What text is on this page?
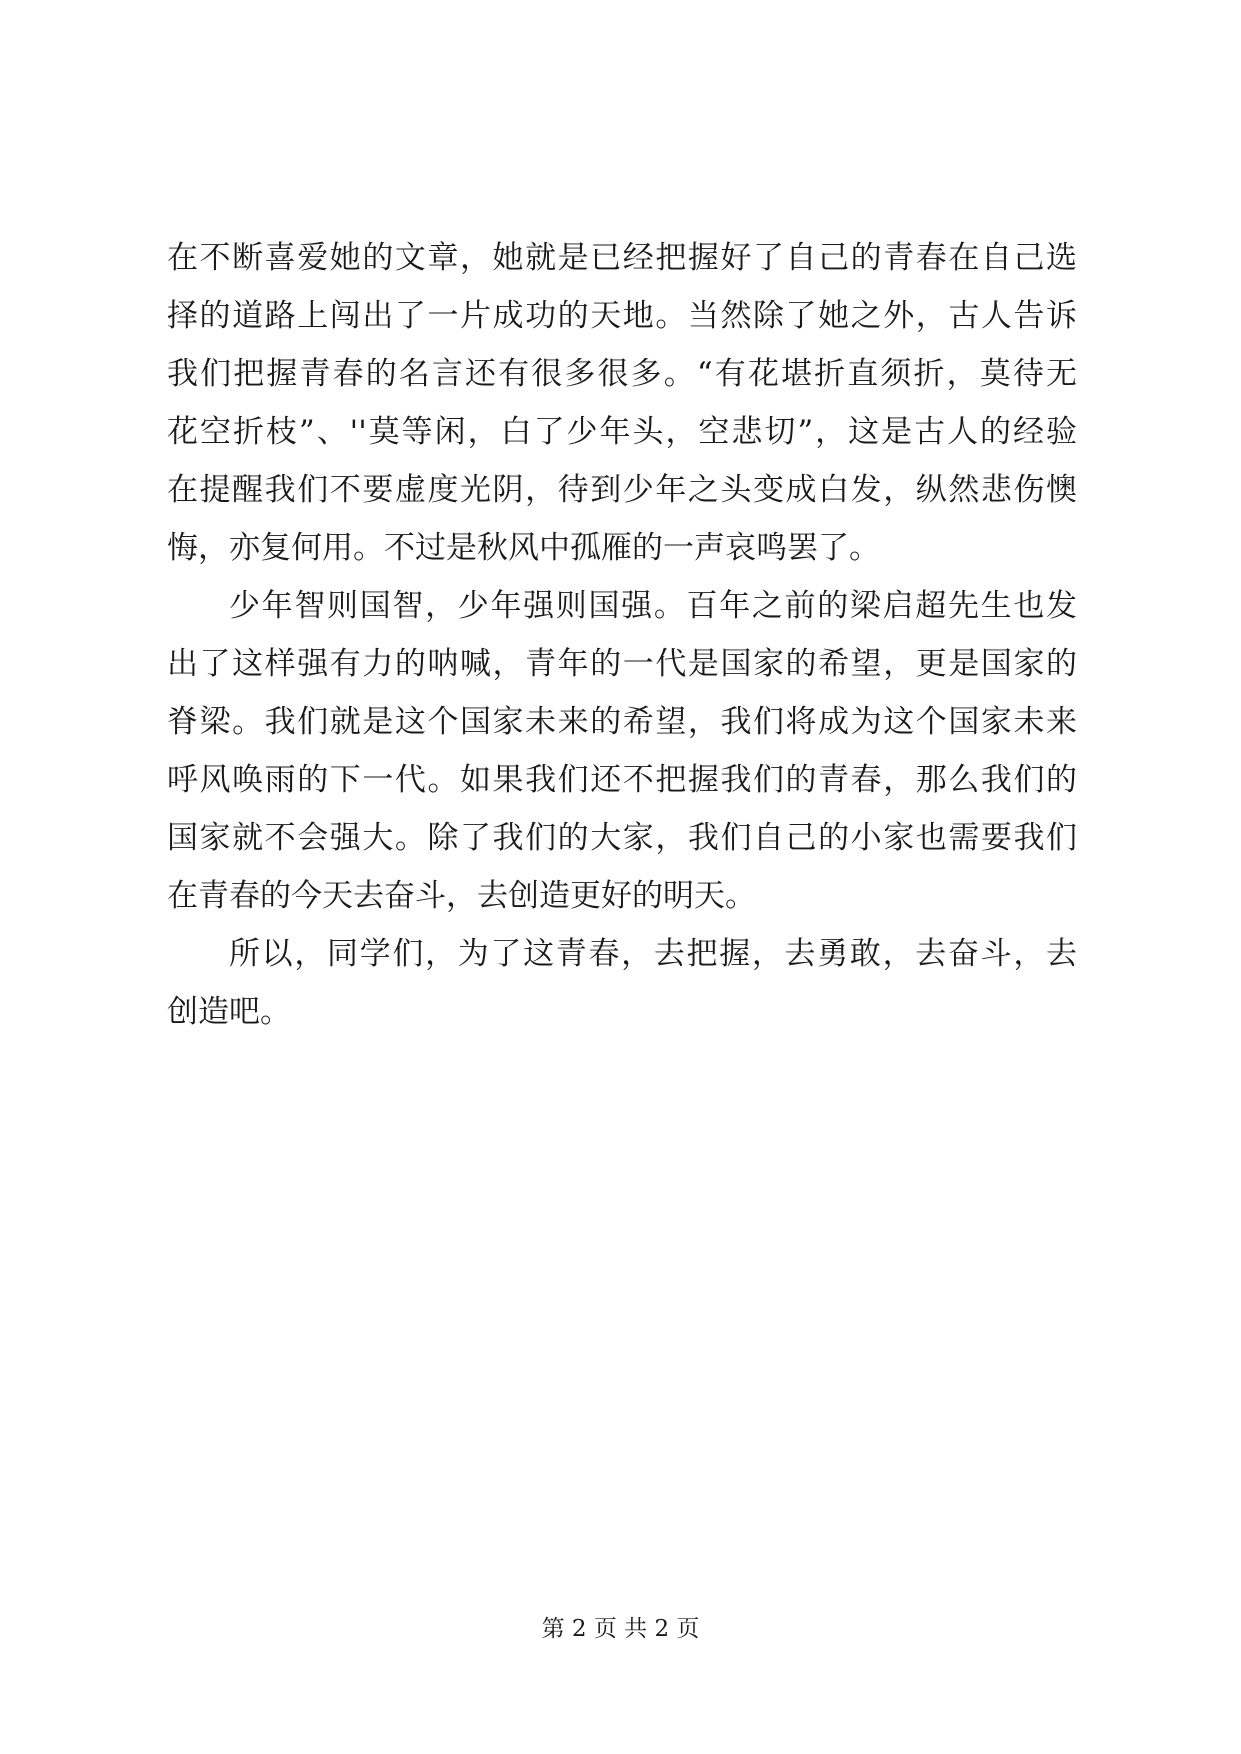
在不断喜爱她的文章，她就是已经把握好了自己的青春在自己选
择的道路上闯出了一片成功的天地。当然除了她之外，古人告诉
我们把握青春的名言还有很多很多。“有花堪折直须折，莫待无
花空折枝”、''莫等闲，白了少年头，空悲切”，这是古人的经验
在提醒我们不要虚度光阴，待到少年之头变成白发，纵然悲伤懊
悔，亦复何用。不过是秋风中孤雁的一声哀鸣罢了。
少年智则国智，少年强则国强。百年之前的梁启超先生也发
出了这样强有力的呐喊，青年的一代是国家的希望，更是国家的
脊梁。我们就是这个国家未来的希望，我们将成为这个国家未来
呼风唤雨的下一代。如果我们还不把握我们的青春，那么我们的
国家就不会强大。除了我们的大家，我们自己的小家也需要我们
在青春的今天去奋斗，去创造更好的明天。
所以，同学们，为了这青春，去把握，去勇敢，去奋斗，去
创造吧。
第 2 页 共 2 页
